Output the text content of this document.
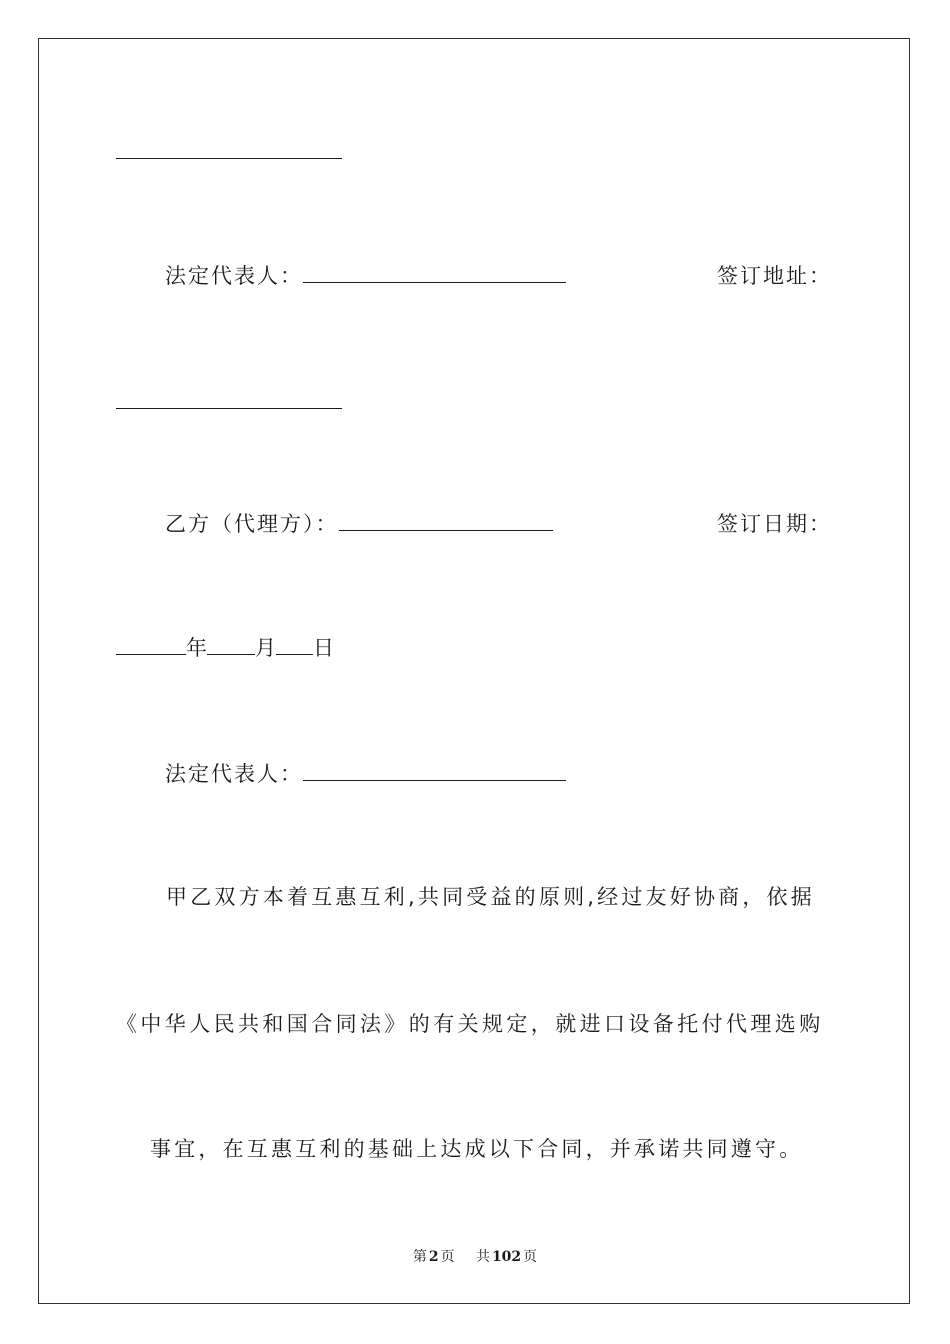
法定代表人：	签订地址：
乙方（代理方）：	签订日期：
年 月 日
法定代表人：
甲乙双方本着互惠互利,共同受益的原则,经过友好协商，依据
《中华人民共和国合同法》的有关规定，就进口设备托付代理选购
事宜，在互惠互利的基础上达成以下合同，并承诺共同遵守。
第 2 页 共 102 页
